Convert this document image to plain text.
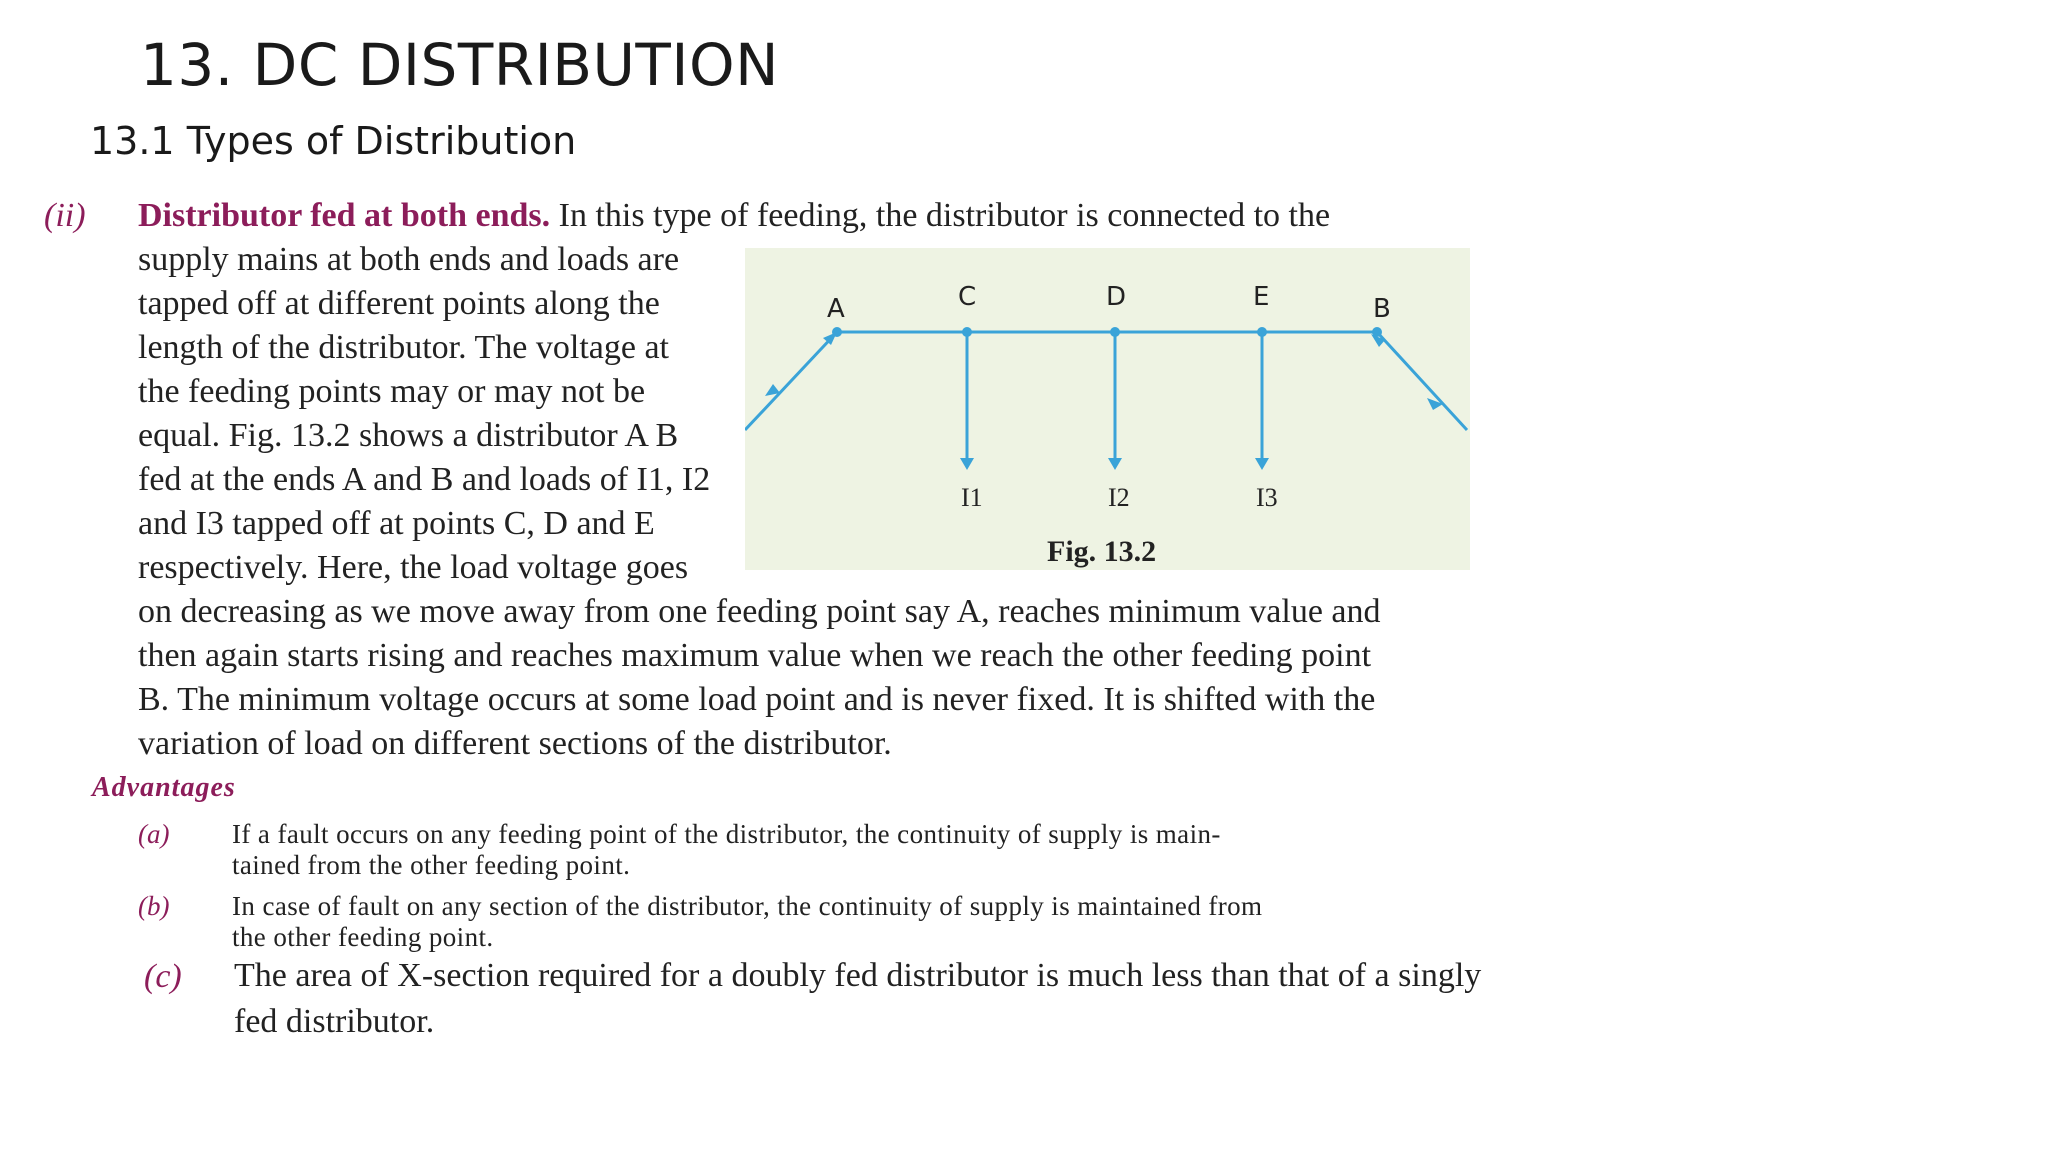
13. DC DISTRIBUTION
13.1 Types of Distribution
(ii) Distributor fed at both ends. In this type of feeding, the distributor is connected to the
supply mains at both ends and loads are
tapped off at different points along the
length of the distributor. The voltage at
the feeding points may or may not be
equal. Fig. 13.2 shows a distributor A B
fed at the ends A and B and loads of I1, I2
and I3 tapped off at points C, D and E
respectively. Here, the load voltage goes
on decreasing as we move away from one feeding point say A, reaches minimum value and
then again starts rising and reaches maximum value when we reach the other feeding point
B. The minimum voltage occurs at some load point and is never fixed. It is shifted with the
variation of load on different sections of the distributor.
A	C	D	E	B
I1	I2	I3
Fig. 13.2
Advantages
(a) If a fault occurs on any feeding point of the distributor, the continuity of supply is main-
tained from the other feeding point.
(b) In case of fault on any section of the distributor, the continuity of supply is maintained from
the other feeding point.
(c) The area of X-section required for a doubly fed distributor is much less than that of a singly
fed distributor.
